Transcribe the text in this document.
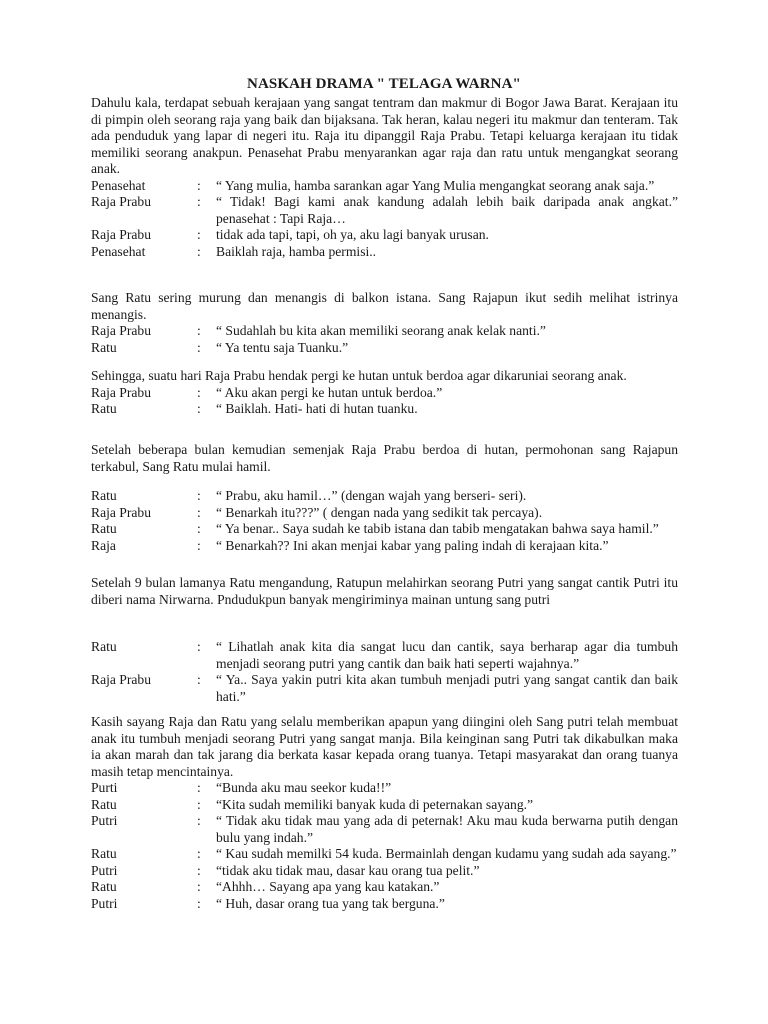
NASKAH DRAMA " TELAGA WARNA"
Dahulu kala, terdapat sebuah kerajaan yang sangat tentram dan makmur di Bogor Jawa Barat. Kerajaan itu di pimpin oleh seorang raja yang baik dan bijaksana. Tak heran, kalau negeri itu makmur dan tenteram. Tak ada penduduk yang lapar di negeri itu. Raja itu dipanggil Raja Prabu. Tetapi keluarga kerajaan itu tidak memiliki seorang anakpun. Penasehat Prabu menyarankan agar raja dan ratu untuk mengangkat seorang anak.
Penasehat	:	“ Yang mulia, hamba sarankan agar Yang Mulia mengangkat seorang anak saja.”
Raja Prabu	:	“ Tidak! Bagi kami anak kandung adalah lebih baik daripada anak angkat.” penasehat : Tapi Raja…
Raja Prabu	:	tidak ada tapi, tapi, oh ya, aku lagi banyak urusan.
Penasehat	:	Baiklah raja, hamba permisi..
Sang Ratu sering murung dan menangis di balkon istana. Sang Rajapun ikut sedih melihat istrinya menangis.
Raja Prabu	:	“ Sudahlah bu kita akan memiliki seorang anak kelak nanti.”
Ratu	:	“ Ya tentu saja Tuanku.”
Sehingga, suatu hari Raja Prabu hendak pergi ke hutan untuk berdoa agar dikaruniai seorang anak.
Raja Prabu	:	“ Aku akan pergi ke hutan untuk berdoa.”
Ratu	:	“ Baiklah. Hati- hati di hutan tuanku.
Setelah beberapa bulan kemudian semenjak Raja Prabu berdoa di hutan, permohonan sang Rajapun terkabul, Sang Ratu mulai hamil.
Ratu	:	“ Prabu, aku hamil…” (dengan wajah yang berseri- seri).
Raja Prabu	:	“ Benarkah itu???” ( dengan nada yang sedikit tak percaya).
Ratu	:	“ Ya benar.. Saya sudah ke tabib istana dan tabib mengatakan bahwa saya hamil.”
Raja	:	“ Benarkah?? Ini akan menjai kabar yang paling indah di kerajaan kita.”
Setelah 9 bulan lamanya Ratu mengandung, Ratupun melahirkan seorang Putri yang sangat cantik Putri itu diberi nama Nirwarna. Pndudukpun banyak mengiriminya mainan untung sang putri
Ratu	:	“ Lihatlah anak kita dia sangat lucu dan cantik, saya berharap agar dia tumbuh menjadi seorang putri yang cantik dan baik hati seperti wajahnya.”
Raja Prabu	:	“ Ya.. Saya yakin putri kita akan tumbuh menjadi putri yang sangat cantik dan baik hati.”
Kasih sayang Raja dan Ratu yang selalu memberikan apapun yang diingini oleh Sang putri telah membuat anak itu tumbuh menjadi seorang Putri yang sangat manja. Bila keinginan sang Putri tak dikabulkan maka ia akan marah dan tak jarang dia berkata kasar kepada orang tuanya. Tetapi masyarakat dan orang tuanya masih tetap mencintainya.
Purti	:	“Bunda aku mau seekor kuda!!”
Ratu	:	“Kita sudah memiliki banyak kuda di peternakan sayang.”
Putri	:	“ Tidak aku tidak mau yang ada di peternak! Aku mau kuda berwarna putih dengan bulu yang indah.”
Ratu	:	“ Kau sudah memilki 54 kuda. Bermainlah dengan kudamu yang sudah ada sayang.”
Putri	:	“tidak aku tidak mau, dasar kau orang tua pelit.”
Ratu	:	“Ahhh… Sayang apa yang kau katakan.”
Putri	:	“ Huh, dasar orang tua yang tak berguna.”
